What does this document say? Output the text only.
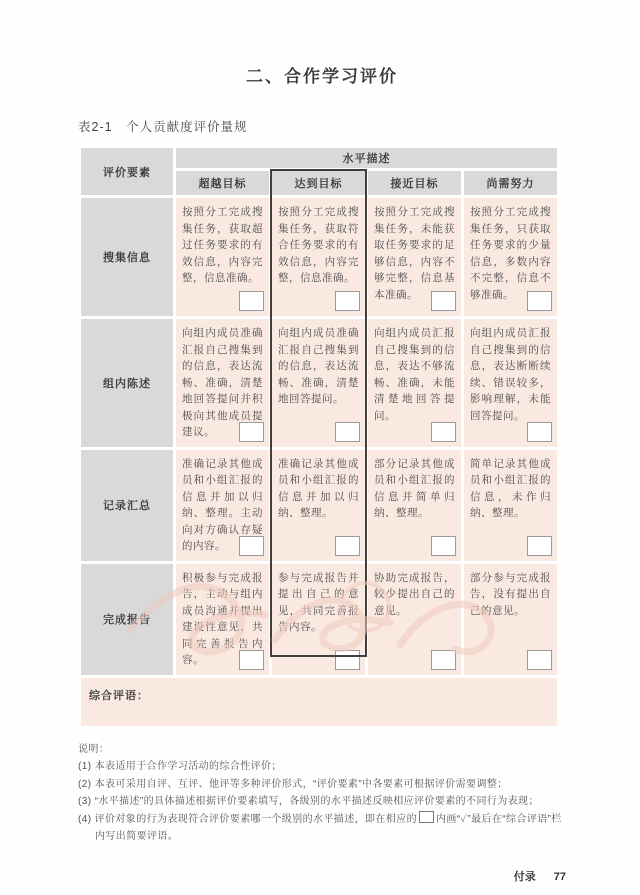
二、合作学习评价
表2-1　个人贡献度评价量规
评价要素	水平描述			
	超越目标	达到目标	接近目标	尚需努力
搜集信息	按照分工完成搜集任务，获取超过任务要求的有效信息，内容完整，信息准确。	按照分工完成搜集任务，获取符合任务要求的有效信息，内容完整，信息准确。	按照分工完成搜集任务，未能获取任务要求的足够信息，内容不够完整，信息基本准确。	按照分工完成搜集任务，只获取任务要求的少量信息，多数内容不完整，信息不够准确。

组内陈述	向组内成员准确汇报自己搜集到的信息，表达流畅、准确，清楚地回答提问并积极向其他成员提建议。	向组内成员准确汇报自己搜集到的信息，表达流畅、准确，清楚地回答提问。	向组内成员汇报自己搜集到的信息，表达不够流畅、准确，未能清楚地回答提问。	向组内成员汇报自己搜集到的信息，表达断断续续、错误较多，影响理解，未能回答提问。

记录汇总	准确记录其他成员和小组汇报的信息并加以归纳、整理。主动向对方确认存疑的内容。	准确记录其他成员和小组汇报的信息并加以归纳、整理。	部分记录其他成员和小组汇报的信息并简单归纳、整理。	简单记录其他成员和小组汇报的信息，未作归纳、整理。

完成报告	积极参与完成报告，主动与组内成员沟通并提出建设性意见，共同完善报告内容。	参与完成报告并提出自己的意见，共同完善报告内容。	协助完成报告，较少提出自己的意见。	部分参与完成报告，没有提出自己的意见。

综合评语：				
说明：
(1) 本表适用于合作学习活动的综合性评价；
(2) 本表可采用自评、互评、他评等多种评价形式，“评价要素”中各要素可根据评价需要调整；
(3) “水平描述”的具体描述根据评价要素填写，各级别的水平描述反映相应评价要素的不同行为表现；
(4) 评价对象的行为表现符合评价要素哪一个级别的水平描述，即在相应的 内画“✓”最后在“综合评语”栏内写出简要评语。
付录 77
